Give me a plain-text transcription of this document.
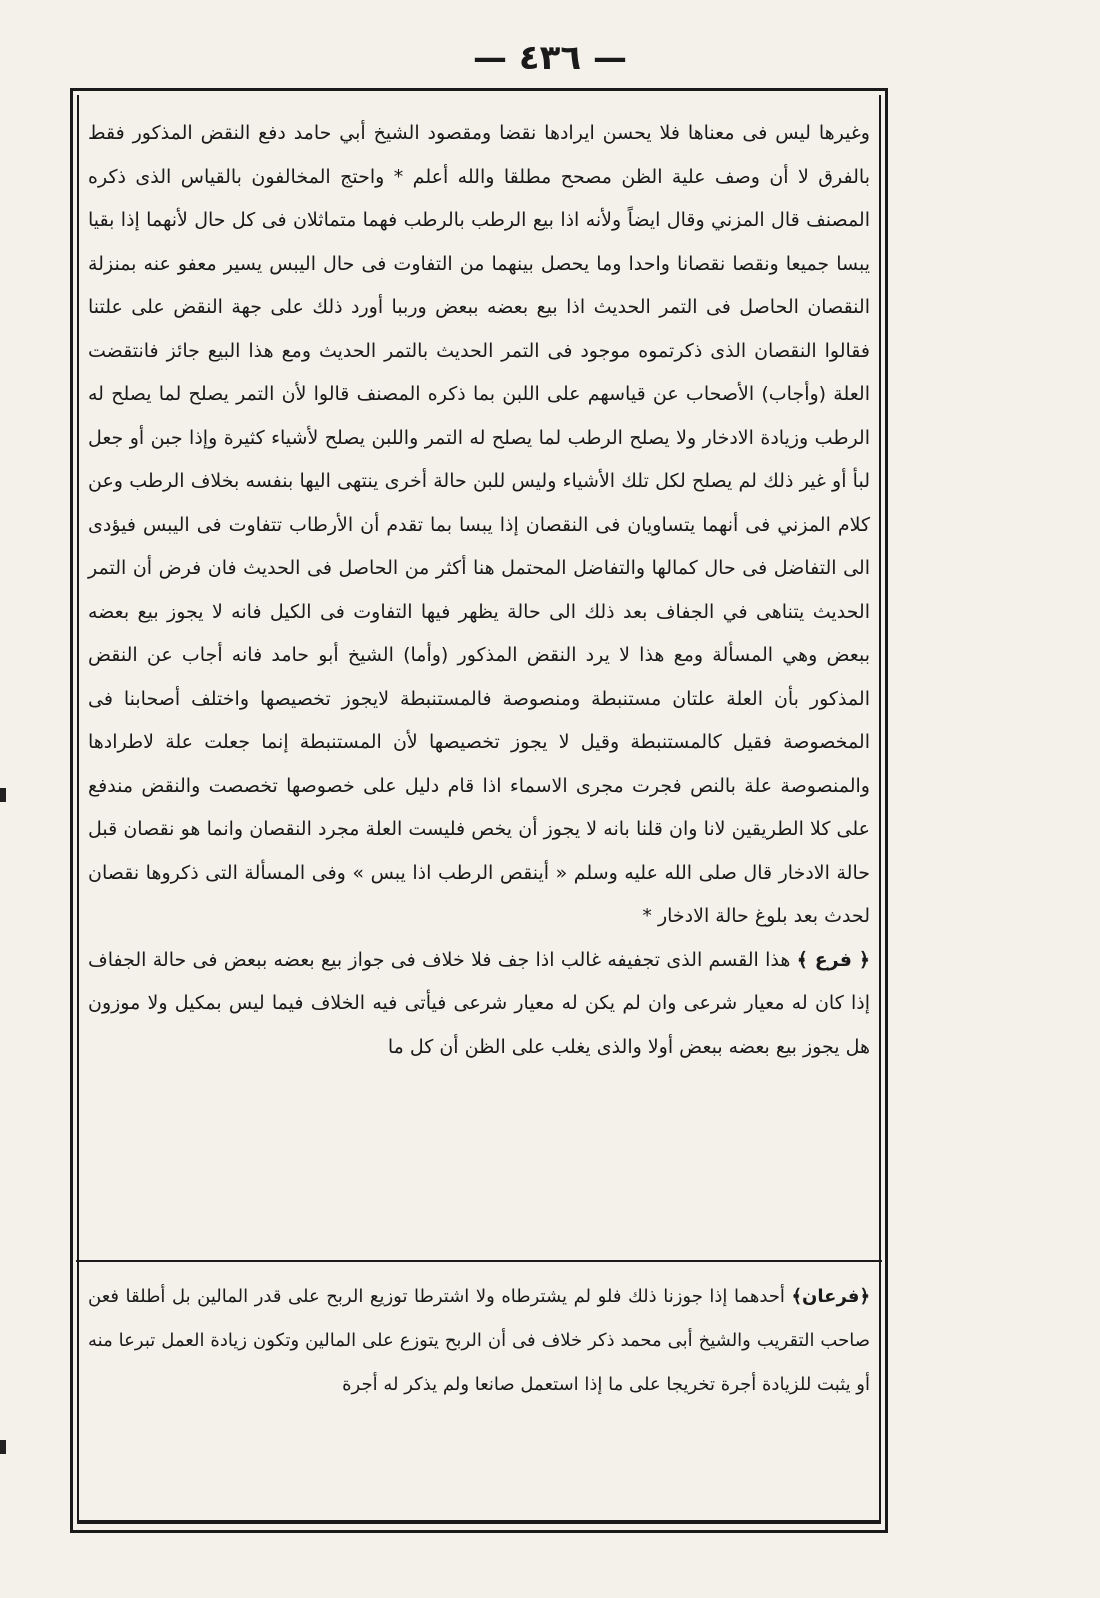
— ٤٣٦ —

وغيرها ليس فى معناها فلا يحسن ايرادها نقضا ومقصود الشيخ أبي حامد دفع النقض المذكور فقط بالفرق لا أن وصف علية الظن مصحح مطلقا والله أعلم * واحتج المخالفون بالقياس الذى ذكره المصنف قال المزني وقال ايضاً ولأنه اذا بيع الرطب بالرطب فهما متماثلان فى كل حال لأنهما إذا بقيا يبسا جميعا ونقصا نقصانا واحدا وما يحصل بينهما من التفاوت فى حال اليبس يسير معفو عنه بمنزلة النقصان الحاصل فى التمر الحديث اذا بيع بعضه ببعض ورببا أورد ذلك على جهة النقض على علتنا فقالوا النقصان الذى ذكرتموه موجود فى التمر الحديث بالتمر الحديث ومع هذا البيع جائز فانتقضت العلة (وأجاب) الأصحاب عن قياسهم على اللبن بما ذكره المصنف قالوا لأن التمر يصلح لما يصلح له الرطب وزيادة الادخار ولا يصلح الرطب لما يصلح له التمر واللبن يصلح لأشياء كثيرة وإذا جبن أو جعل لبأ أو غير ذلك لم يصلح لكل تلك الأشياء وليس للبن حالة أخرى ينتهى اليها بنفسه بخلاف الرطب وعن كلام المزني فى أنهما يتساويان فى النقصان إذا يبسا بما تقدم أن الأرطاب تتفاوت فى اليبس فيؤدى الى التفاضل فى حال كمالها والتفاضل المحتمل هنا أكثر من الحاصل فى الحديث فان فرض أن التمر الحديث يتناهى في الجفاف بعد ذلك الى حالة يظهر فيها التفاوت فى الكيل فانه لا يجوز بيع بعضه ببعض وهي المسألة ومع هذا لا يرد النقض المذكور (وأما) الشيخ أبو حامد فانه أجاب عن النقض المذكور بأن العلة علتان مستنبطة ومنصوصة فالمستنبطة لايجوز تخصيصها واختلف أصحابنا فى المخصوصة فقيل كالمستنبطة وقيل لا يجوز تخصيصها لأن المستنبطة إنما جعلت علة لاطرادها والمنصوصة علة بالنص فجرت مجرى الاسماء اذا قام دليل على خصوصها تخصصت والنقض مندفع على كلا الطريقين لانا وان قلنا بانه لا يجوز أن يخص فليست العلة مجرد النقصان وانما هو نقصان قبل حالة الادخار قال صلى الله عليه وسلم « أينقص الرطب اذا يبس » وفى المسألة التى ذكروها نقصان لحدث بعد بلوغ حالة الادخار *

﴿ فرع ﴾ هذا القسم الذى تجفيفه غالب اذا جف فلا خلاف فى جواز بيع بعضه ببعض فى حالة الجفاف إذا كان له معيار شرعى وان لم يكن له معيار شرعى فيأتى فيه الخلاف فيما ليس بمكيل ولا موزون هل يجوز بيع بعضه ببعض أولا والذى يغلب على الظن أن كل ما

﴿فرعان﴾ أحدهما إذا جوزنا ذلك فلو لم يشترطاه ولا اشترطا توزيع الربح على قدر المالين بل أطلقا فعن صاحب التقريب والشيخ أبى محمد ذكر خلاف فى أن الربح يتوزع على المالين وتكون زيادة العمل تبرعا منه أو يثبت للزيادة أجرة تخريجا على ما إذا استعمل صانعا ولم يذكر له أجرة
